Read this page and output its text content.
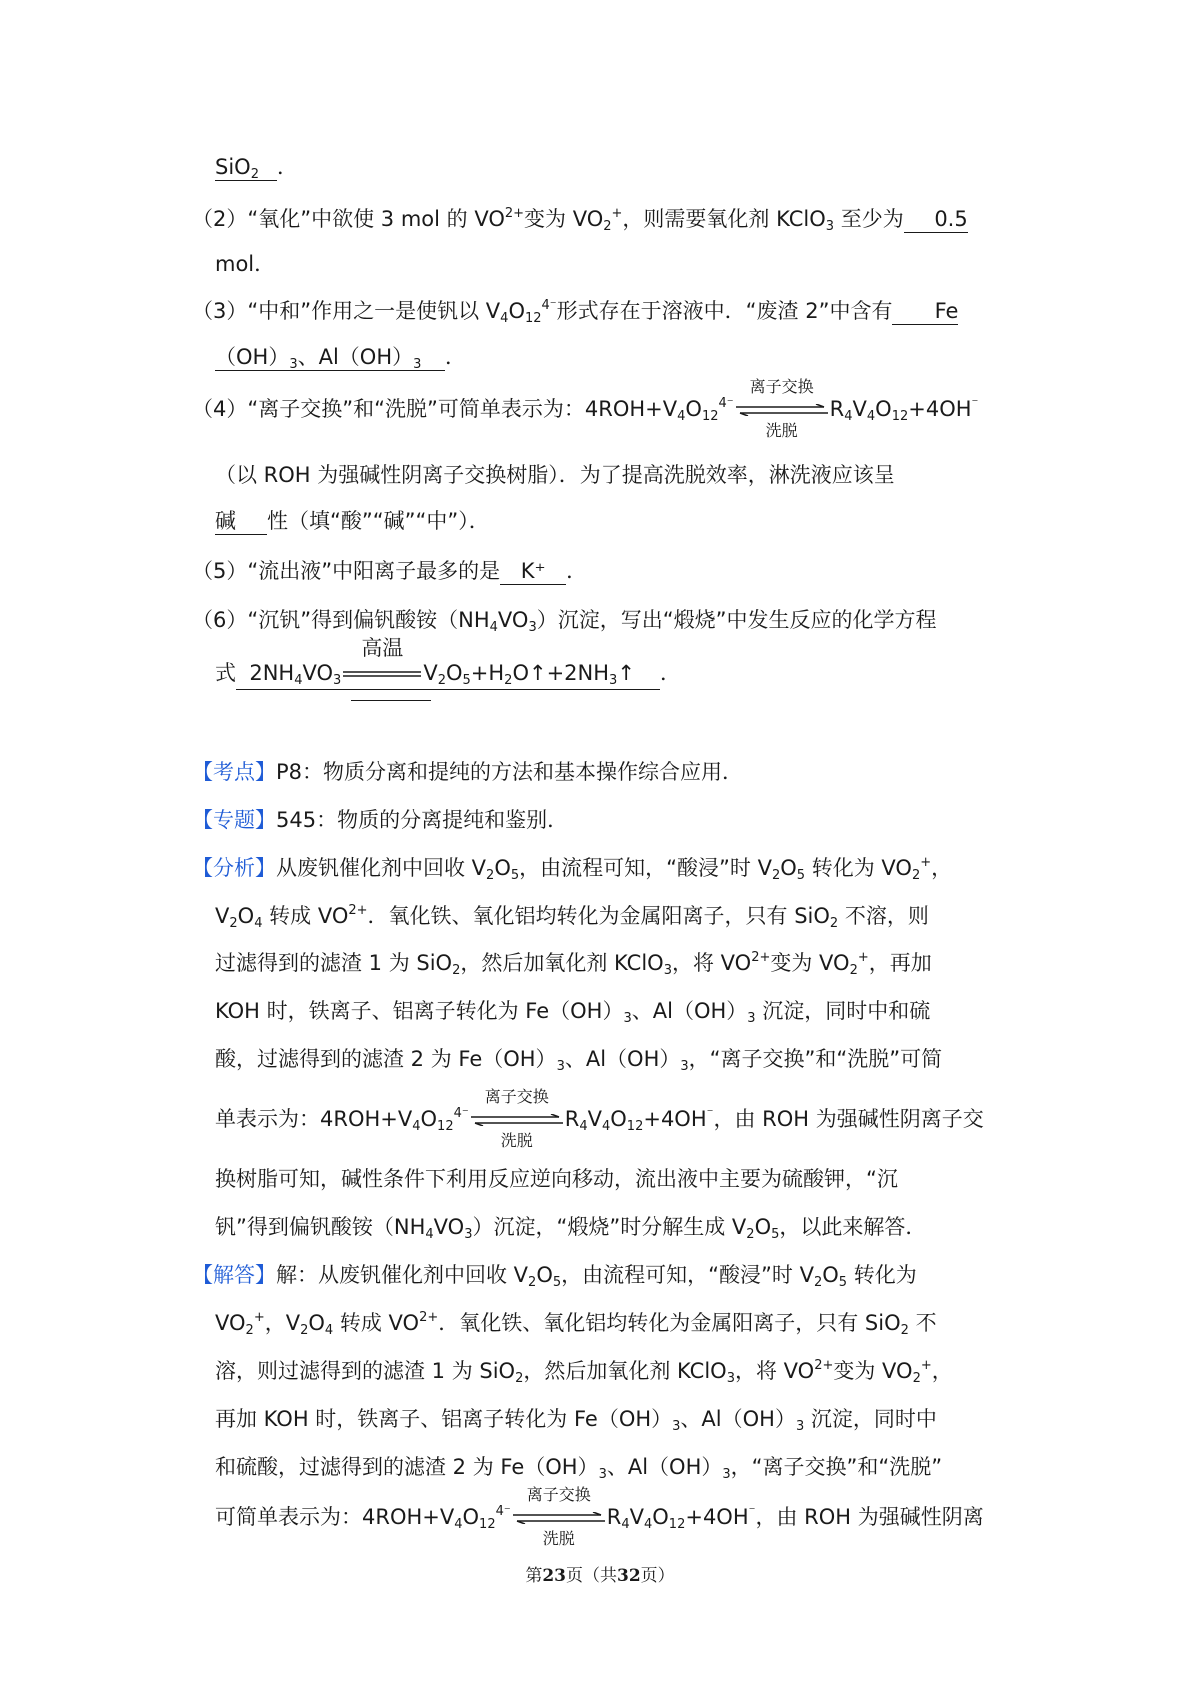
SiO$_2$ ．
（2）“氧化”中欲使 3 mol 的 $VO^{2+}$变为 $VO_2^+$，则需要氧化剂 KClO$_3$ 至少为 0.5
mol．
（3）“中和”作用之一是使钒以 $V_4O_{12}^{4^-}$形式存在于溶液中．“废渣 2”中含有 Fe
$(OH)_3$、$Al(OH)_3$ ．
（4）“离子交换”和“洗脱”可简单表示为：$4ROH+V_4O_{12}^{4^-}$
离子交换
洗脱
$R_4V_4O_{12}+4OH^{^-}$
（以 ROH 为强碱性阴离子交换树脂）．为了提高洗脱效率，淋洗液应该呈
碱 性（填“酸”“碱”“中”）．
（5）“流出液”中阳离子最多的是 K⁺ ．
（6）“沉钒”得到偏钒酸铵$(NH_4VO_3)$沉淀，写出“煅烧”中发生反应的化学方程
式  $2NH_4VO_3$
高温
$V_2O_5+H_2O↑+2NH_3↑$ ．
【考点】P8：物质分离和提纯的方法和基本操作综合应用．
【专题】545：物质的分离提纯和鉴别．
【分析】从废钒催化剂中回收 $V_2O_5$，由流程可知，“酸浸”时 $V_2O_5$ 转化为 $VO_2^+$，
$V_2O_4$ 转成 $VO^{2+}$．氧化铁、氧化铝均转化为金属阳离子，只有 SiO$_2$ 不溶，则
过滤得到的滤渣 1 为 SiO$_2$，然后加氧化剂 KClO$_3$，将 $VO^{2+}$变为 $VO_2^+$，再加
KOH 时，铁离子、铝离子转化为 $Fe(OH)_3$、$Al(OH)_3$ 沉淀，同时中和硫
酸，过滤得到的滤渣 2 为 $Fe(OH)_3$、$Al(OH)_3$，“离子交换”和“洗脱”可简
单表示为：$4ROH+V_4O_{12}^{4^-}$
离子交换
洗脱
$R_4V_4O_{12}+4OH^{^-}$，由 ROH 为强碱性阴离子交
换树脂可知，碱性条件下利用反应逆向移动，流出液中主要为硫酸钾，“沉
钒”得到偏钒酸铵$(NH_4VO_3)$沉淀，“煅烧”时分解生成 $V_2O_5$，以此来解答．
【解答】解：从废钒催化剂中回收 $V_2O_5$，由流程可知，“酸浸”时 $V_2O_5$ 转化为
$VO_2^+$，$V_2O_4$ 转成 $VO^{2+}$．氧化铁、氧化铝均转化为金属阳离子，只有 SiO$_2$ 不
溶，则过滤得到的滤渣 1 为 SiO$_2$，然后加氧化剂 KClO$_3$，将 $VO^{2+}$变为 $VO_2^+$，
再加 KOH 时，铁离子、铝离子转化为 $Fe(OH)_3$、$Al(OH)_3$ 沉淀，同时中
和硫酸，过滤得到的滤渣 2 为 $Fe(OH)_3$、$Al(OH)_3$，“离子交换”和“洗脱”
可简单表示为：$4ROH+V_4O_{12}^{4^-}$
离子交换
洗脱
$R_4V_4O_{12}+4OH^{^-}$，由 ROH 为强碱性阴离
第23页（共32页）
